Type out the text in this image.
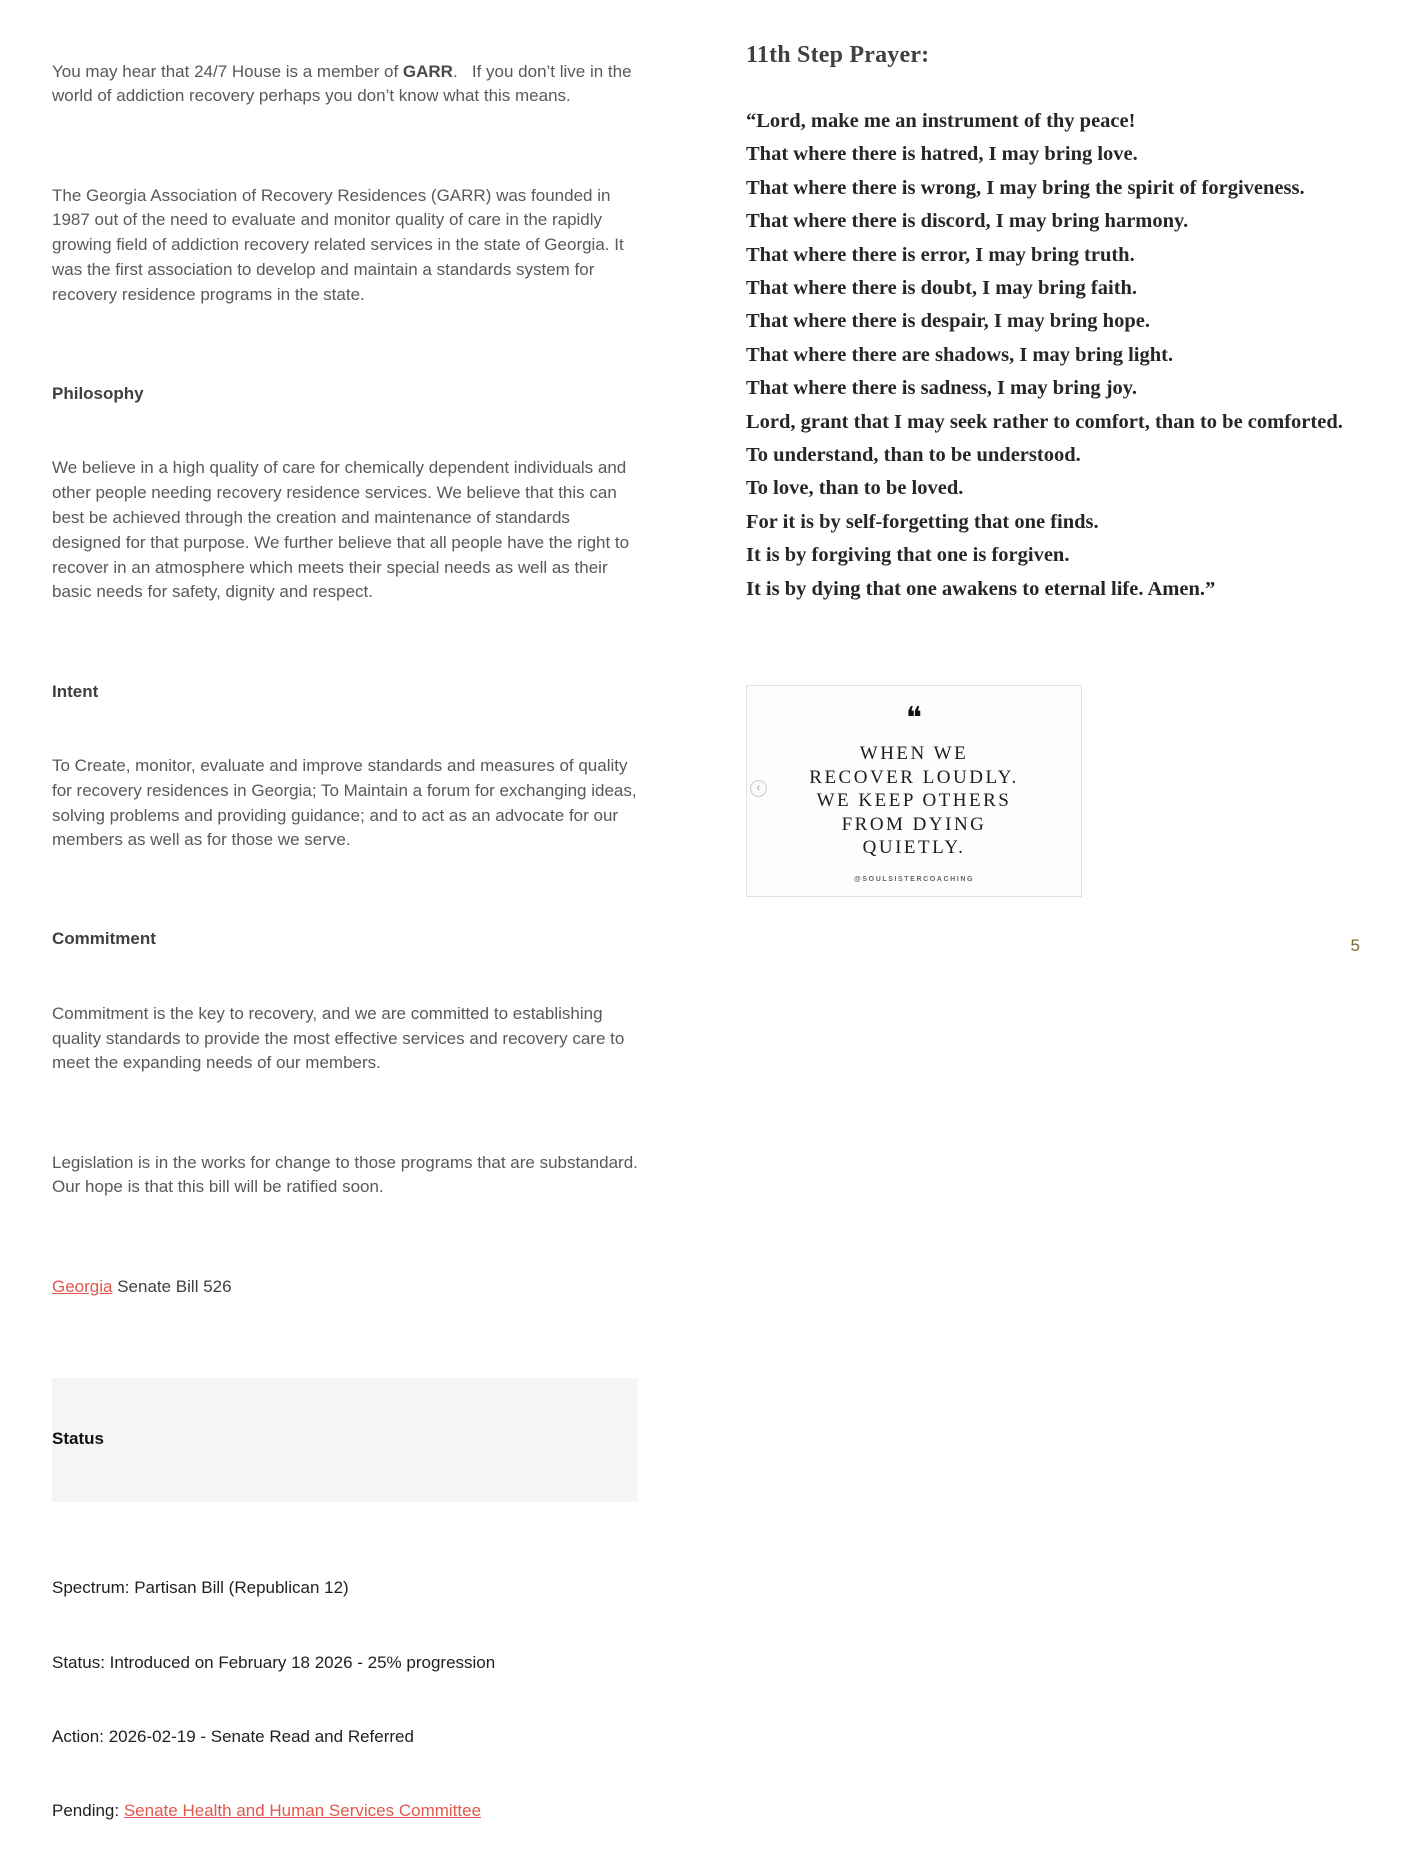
You may hear that 24/7 House is a member of GARR.   If you don’t live in the world of addiction recovery perhaps you don’t know what this means.

The Georgia Association of Recovery Residences (GARR) was founded in 1987 out of the need to evaluate and monitor quality of care in the rapidly growing field of addiction recovery related services in the state of Georgia. It was the first association to develop and maintain a standards system for recovery residence programs in the state.

Philosophy

We believe in a high quality of care for chemically dependent individuals and other people needing recovery residence services. We believe that this can best be achieved through the creation and maintenance of standards designed for that purpose. We further believe that all people have the right to recover in an atmosphere which meets their special needs as well as their basic needs for safety, dignity and respect.

Intent

To Create, monitor, evaluate and improve standards and measures of quality for recovery residences in Georgia; To Maintain a forum for exchanging ideas, solving problems and providing guidance; and to act as an advocate for our members as well as for those we serve.

Commitment

Commitment is the key to recovery, and we are committed to establishing quality standards to provide the most effective services and recovery care to meet the expanding needs of our members.

Legislation is in the works for change to those programs that are substandard.  Our hope is that this bill will be ratified soon.

Georgia Senate Bill 526

Status

Spectrum: Partisan Bill (Republican 12)

Status: Introduced on February 18 2026 - 25% progression

Action: 2026-02-19 - Senate Read and Referred

Pending: Senate Health and Human Services Committee

11th Step Prayer:
“Lord, make me an instrument of thy peace!
That where there is hatred, I may bring love.
That where there is wrong, I may bring the spirit of forgiveness.
That where there is discord, I may bring harmony.
That where there is error, I may bring truth.
That where there is doubt, I may bring faith.
That where there is despair, I may bring hope.
That where there are shadows, I may bring light.
That where there is sadness, I may bring joy.
Lord, grant that I may seek rather to comfort, than to be comforted.
To understand, than to be understood.
To love, than to be loved.
For it is by self-forgetting that one finds.
It is by forgiving that one is forgiven.
It is by dying that one awakens to eternal life. Amen.”
❝
WHEN WE
RECOVER LOUDLY.
WE KEEP OTHERS
FROM DYING
QUIETLY.
@SOULSISTERCOACHING
‹
5
